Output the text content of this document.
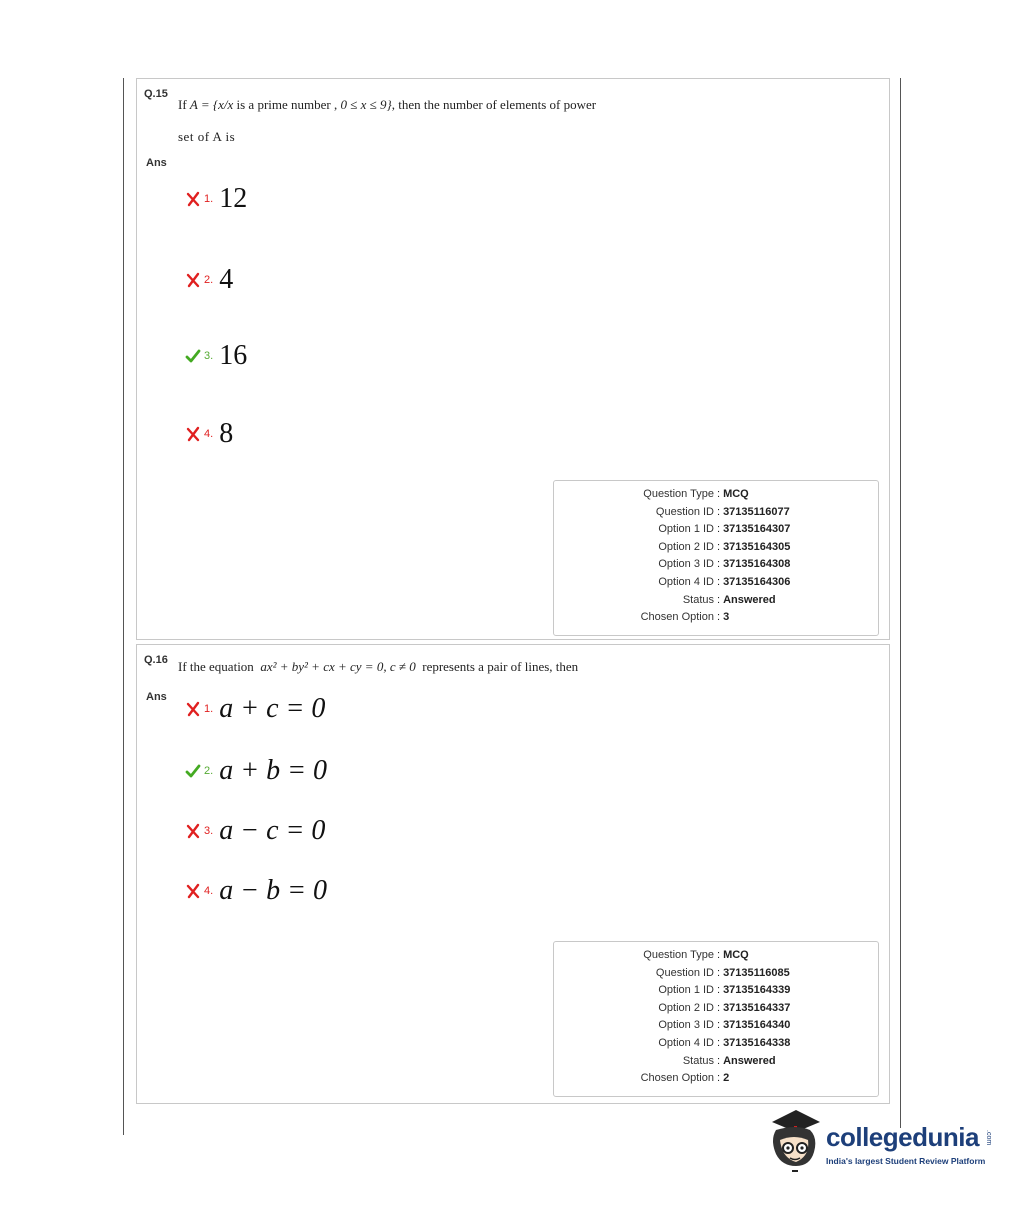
Q.15
If A = {x/x is a prime number , 0 ≤ x ≤ 9}, then the number of elements of power
set of A is
Ans
1. 12
2. 4
3. 16
4. 8
Question Type : MCQ
Question ID : 37135116077
Option 1 ID : 37135164307
Option 2 ID : 37135164305
Option 3 ID : 37135164308
Option 4 ID : 37135164306
Status : Answered
Chosen Option : 3
Q.16 If the equation ax² + by² + cx + cy = 0, c ≠ 0 represents a pair of lines, then
Ans
1. a + c = 0
2. a + b = 0
3. a − c = 0
4. a − b = 0
Question Type : MCQ
Question ID : 37135116085
Option 1 ID : 37135164339
Option 2 ID : 37135164337
Option 3 ID : 37135164340
Option 4 ID : 37135164338
Status : Answered
Chosen Option : 2
collegedunia .com
India's largest Student Review Platform
